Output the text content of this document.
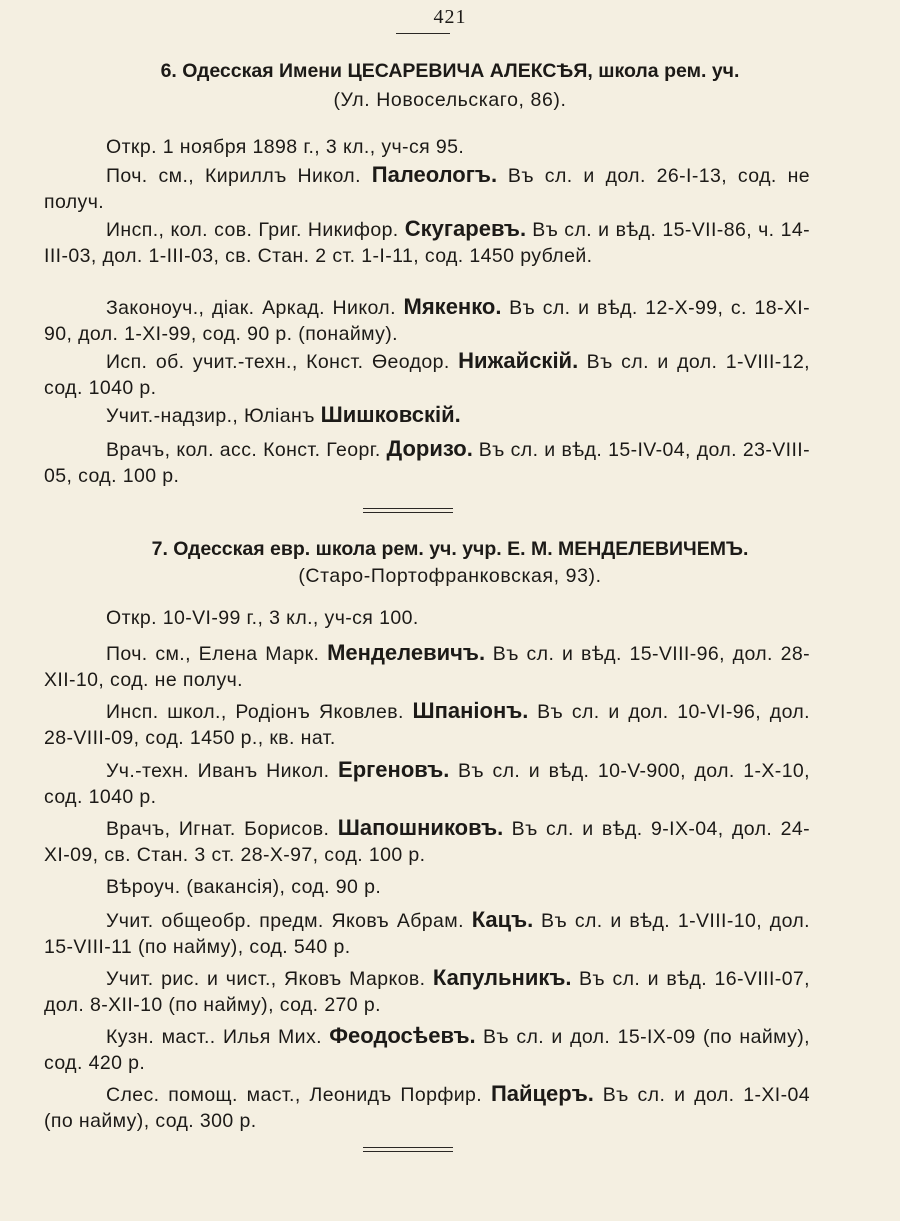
421
6. Одесская Имени ЦЕСАРЕВИЧА АЛЕКСѢЯ, школа рем. уч.
(Ул. Новосельскаго, 86).

Откр. 1 ноября 1898 г., 3 кл., уч-ся 95.

Поч. см., Кириллъ Никол. Палеологъ. Въ сл. и дол. 26-I-13, сод. не получ.

Инсп., кол. сов. Григ. Никифор. Скугаревъ. Въ сл. и вѣд. 15-VII-86, ч. 14-III-03, дол. 1-III-03, св. Стан. 2 ст. 1-I-11, сод. 1450 рублей.

Законоуч., діак. Аркад. Никол. Мякенко. Въ сл. и вѣд. 12-X-99, с. 18-XI-90, дол. 1-XI-99, сод. 90 р. (понайму).

Исп. об. учит.-техн., Конст. Өеодор. Нижайскій. Въ сл. и дол. 1-VIII-12, сод. 1040 р.

Учит.-надзир., Юліанъ Шишковскій.

Врачъ, кол. асс. Конст. Георг. Доризо. Въ сл. и вѣд. 15-IV-04, дол. 23-VIII-05, сод. 100 р.

7. Одесская евр. школа рем. уч. учр. Е. М. МЕНДЕЛЕВИЧЕМЪ.
(Старо-Портофранковская, 93).

Откр. 10-VI-99 г., 3 кл., уч-ся 100.

Поч. см., Елена Марк. Менделевичъ. Въ сл. и вѣд. 15-VIII-96, дол. 28-XII-10, сод. не получ.

Инсп. школ., Родіонъ Яковлев. Шпаніонъ. Въ сл. и дол. 10-VI-96, дол. 28-VIII-09, сод. 1450 р., кв. нат.

Уч.-техн. Иванъ Никол. Ергеновъ. Въ сл. и вѣд. 10-V-900, дол. 1-X-10, сод. 1040 р.

Врачъ, Игнат. Борисов. Шапошниковъ. Въ сл. и вѣд. 9-IX-04, дол. 24-XI-09, св. Стан. 3 ст. 28-X-97, сод. 100 р.

Вѣроуч. (вакансія), сод. 90 р.

Учит. общеобр. предм. Яковъ Абрам. Кацъ. Въ сл. и вѣд. 1-VIII-10, дол. 15-VIII-11 (по найму), сод. 540 р.

Учит. рис. и чист., Яковъ Марков. Капульникъ. Въ сл. и вѣд. 16-VIII-07, дол. 8-XII-10 (по найму), сод. 270 р.

Кузн. маст.. Илья Мих. Феодосѣевъ. Въ сл. и дол. 15-IX-09 (по найму), сод. 420 р.

Слес. помощ. маст., Леонидъ Порфир. Пайцеръ. Въ сл. и дол. 1-XI-04 (по найму), сод. 300 р.
